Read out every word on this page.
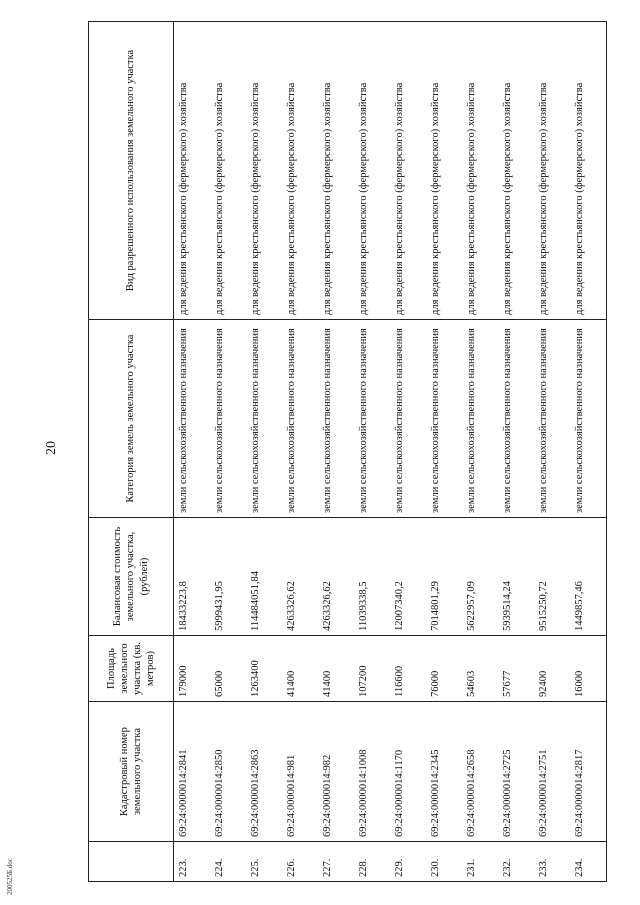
20
	Кадастровый номер земельного участка	Площадь земельного участка (кв. метров)	Балансовая стоимость земельного участка, (рублей)	Категория земель земельного участка	Вид разрешенного использования земельного участка
223.	69:24:0000014:2841	179000	18433223,8	земли сельскохозяйственного назначения	для ведения крестьянского (фермерского) хозяйства
224.	69:24:0000014:2850	65000	5999431,95	земли сельскохозяйственного назначения	для ведения крестьянского (фермерского) хозяйства
225.	69:24:0000014:2863	1263400	114484051,84	земли сельскохозяйственного назначения	для ведения крестьянского (фермерского) хозяйства
226.	69:24:0000014:981	41400	4263326,62	земли сельскохозяйственного назначения	для ведения крестьянского (фермерского) хозяйства
227.	69:24:0000014:982	41400	4263326,62	земли сельскохозяйственного назначения	для ведения крестьянского (фермерского) хозяйства
228.	69:24:0000014:1008	107200	11039338,5	земли сельскохозяйственного назначения	для ведения крестьянского (фермерского) хозяйства
229.	69:24:0000014:1170	116600	12007340,2	земли сельскохозяйственного назначения	для ведения крестьянского (фермерского) хозяйства
230.	69:24:0000014:2345	76000	7014801,29	земли сельскохозяйственного назначения	для ведения крестьянского (фермерского) хозяйства
231.	69:24:0000014:2658	54603	5622957,09	земли сельскохозяйственного назначения	для ведения крестьянского (фермерского) хозяйства
232.	69:24:0000014:2725	57677	5939514,24	земли сельскохозяйственного назначения	для ведения крестьянского (фермерского) хозяйства
233.	69:24:0000014:2751	92400	9515250,72	земли сельскохозяйственного назначения	для ведения крестьянского (фермерского) хозяйства
234.	69:24:0000014:2817	16000	1449857,46	земли сельскохозяйственного назначения	для ведения крестьянского (фермерского) хозяйства
200525Б.doc
